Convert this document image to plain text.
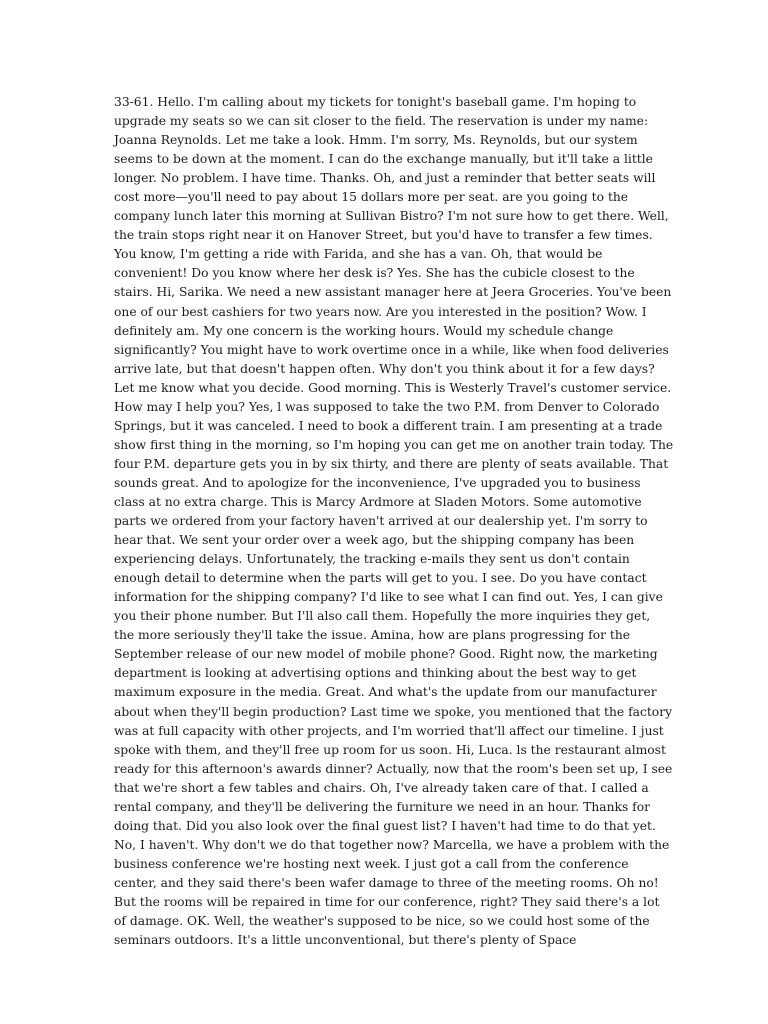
33-61. Hello. I'm calling about my tickets for tonight's baseball game. I'm hoping to upgrade my seats so we can sit closer to the field. The reservation is under my name: Joanna Reynolds. Let me take a look. Hmm. I'm sorry, Ms. Reynolds, but our system seems to be down at the moment. I can do the exchange manually, but it'll take a little longer. No problem. I have time. Thanks. Oh, and just a reminder that better seats will cost more—you'll need to pay about 15 dollars more per seat. are you going to the company lunch later this morning at Sullivan Bistro? I'm not sure how to get there. Well, the train stops right near it on Hanover Street, but you'd have to transfer a few times. You know, I'm getting a ride with Farida, and she has a van. Oh, that would be convenient! Do you know where her desk is? Yes. She has the cubicle closest to the stairs. Hi, Sarika. We need a new assistant manager here at Jeera Groceries. You've been one of our best cashiers for two years now. Are you interested in the position? Wow. I definitely am. My one concern is the working hours. Would my schedule change significantly? You might have to work overtime once in a while, like when food deliveries arrive late, but that doesn't happen often. Why don't you think about it for a few days? Let me know what you decide. Good morning. This is Westerly Travel's customer service. How may I help you? Yes, l was supposed to take the two P.M. from Denver to Colorado Springs, but it was canceled. I need to book a different train. I am presenting at a trade show first thing in the morning, so I'm hoping you can get me on another train today. The four P.M. departure gets you in by six thirty, and there are plenty of seats available. That sounds great. And to apologize for the inconvenience, I've upgraded you to business class at no extra charge. This is Marcy Ardmore at Sladen Motors. Some automotive parts we ordered from your factory haven't arrived at our dealership yet. I'm sorry to hear that. We sent your order over a week ago, but the shipping company has been experiencing delays. Unfortunately, the tracking e-mails they sent us don't contain enough detail to determine when the parts will get to you. I see. Do you have contact information for the shipping company? I'd like to see what I can find out. Yes, I can give you their phone number. But I'll also call them. Hopefully the more inquiries they get, the more seriously they'll take the issue. Amina, how are plans progressing for the September release of our new model of mobile phone? Good. Right now, the marketing department is looking at advertising options and thinking about the best way to get maximum exposure in the media. Great. And what's the update from our manufacturer about when they'll begin production? Last time we spoke, you mentioned that the factory was at full capacity with other projects, and I'm worried that'll affect our timeline. I just spoke with them, and they'll free up room for us soon. Hi, Luca. ls the restaurant almost ready for this afternoon's awards dinner? Actually, now that the room's been set up, I see that we're short a few tables and chairs. Oh, I've already taken care of that. I called a rental company, and they'll be delivering the furniture we need in an hour. Thanks for doing that. Did you also look over the final guest list? I haven't had time to do that yet. No, I haven't. Why don't we do that together now? Marcella, we have a problem with the business conference we're hosting next week. I just got a call from the conference center, and they said there's been wafer damage to three of the meeting rooms. Oh no! But the rooms will be repaired in time for our conference, right? They said there's a lot of damage. OK. Well, the weather's supposed to be nice, so we could host some of the seminars outdoors. It's a little unconventional, but there's plenty of Space
